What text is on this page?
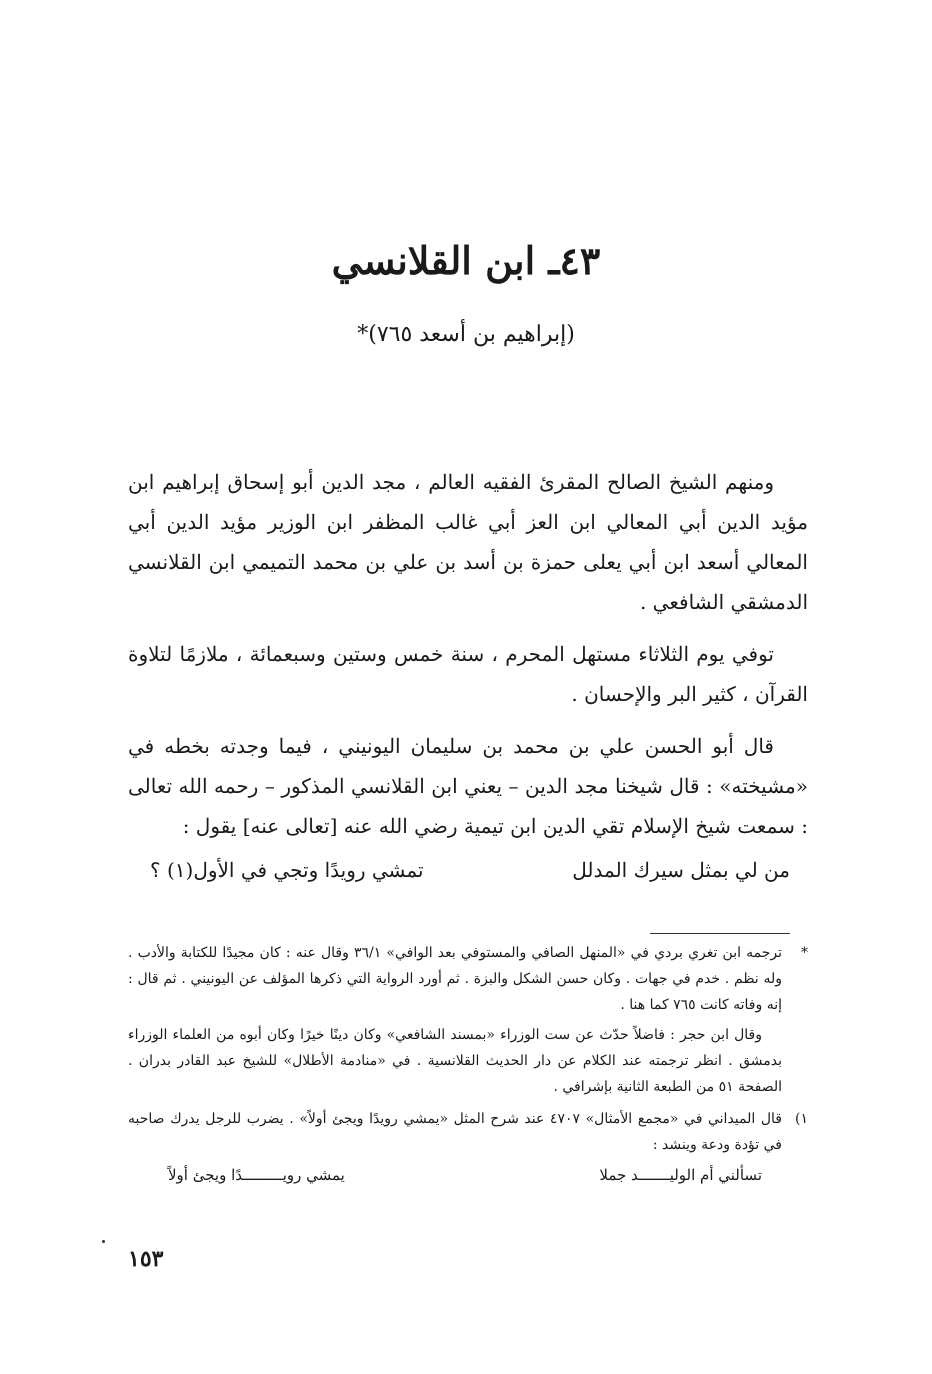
٤٣ـ ابن القلانسي
(إبراهيم بن أسعد ٧٦٥)*

ومنهم الشيخ الصالح المقرئ الفقيه العالم ، مجد الدين أبو إسحاق إبراهيم ابن مؤيد الدين أبي المعالي ابن العز أبي غالب المظفر ابن الوزير مؤيد الدين أبي المعالي أسعد ابن أبي يعلى حمزة بن أسد بن علي بن محمد التميمي ابن القلانسي الدمشقي الشافعي .

توفي يوم الثلاثاء مستهل المحرم ، سنة خمس وستين وسبعمائة ، ملازمًا لتلاوة القرآن ، كثير البر والإحسان .

قال أبو الحسن علي بن محمد بن سليمان اليونيني ، فيما وجدته بخطه في «مشيخته» : قال شيخنا مجد الدين – يعني ابن القلانسي المذكور – رحمه الله تعالى : سمعت شيخ الإسلام تقي الدين ابن تيمية رضي الله عنه [تعالى عنه] يقول :

من لي بمثل سيرك المدلل
تمشي رويدًا وتجي في الأول(١) ؟
*

ترجمه ابن تغري بردي في «المنهل الصافي والمستوفي بعد الوافي» ٣٦/١ وقال عنه : كان مجيدًا للكتابة والأدب . وله نظم . خدم في جهات . وكان حسن الشكل والبزة . ثم أورد الرواية التي ذكرها المؤلف عن اليونيني . ثم قال : إنه وفاته كانت ٧٦٥ كما هنا .

وقال ابن حجر : فاضلاً حدّث عن ست الوزراء «بمسند الشافعي» وكان دينًا خيرًا وكان أبوه من العلماء الوزراء بدمشق . انظر ترجمته عند الكلام عن دار الحديث القلانسية . في «منادمة الأطلال» للشيخ عبد القادر بدران . الصفحة ٥١ من الطبعة الثانية بإشرافي .

١)

قال الميداني في «مجمع الأمثال» ٤٧٠٧ عند شرح المثل «يمشي رويدًا ويجئ أولاً» . يضرب للرجل يدرك صاحبه في تؤدة ودعة وينشد :

تسألني أم الوليـــــــد جملا
يمشي رويـــــــــدًا ويجئ أولاً
١٥٣
